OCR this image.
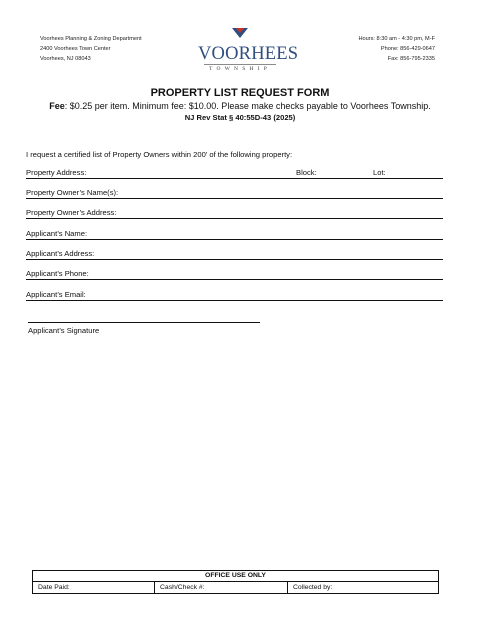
Voorhees Planning & Zoning Department
2400 Voorhees Town Center
Voorhees, NJ 08043	VOORHEES
TOWNSHIP
Hours: 8:30 am - 4:30 pm, M-F
Phone: 856-429-0647
Fax: 856-795-2335
PROPERTY LIST REQUEST FORM
Fee: $0.25 per item. Minimum fee: $10.00. Please make checks payable to Voorhees Township.
NJ Rev Stat § 40:55D-43 (2025)
I request a certified list of Property Owners within 200' of the following property:
Property Address:	Block:	Lot:
Property Owner’s Name(s):
Property Owner’s Address:
Applicant’s Name:
Applicant’s Address:
Applicant’s Phone:
Applicant’s Email:
Applicant’s Signature
OFFICE USE ONLY
Date Paid:	Cash/Check #:	Collected by:
